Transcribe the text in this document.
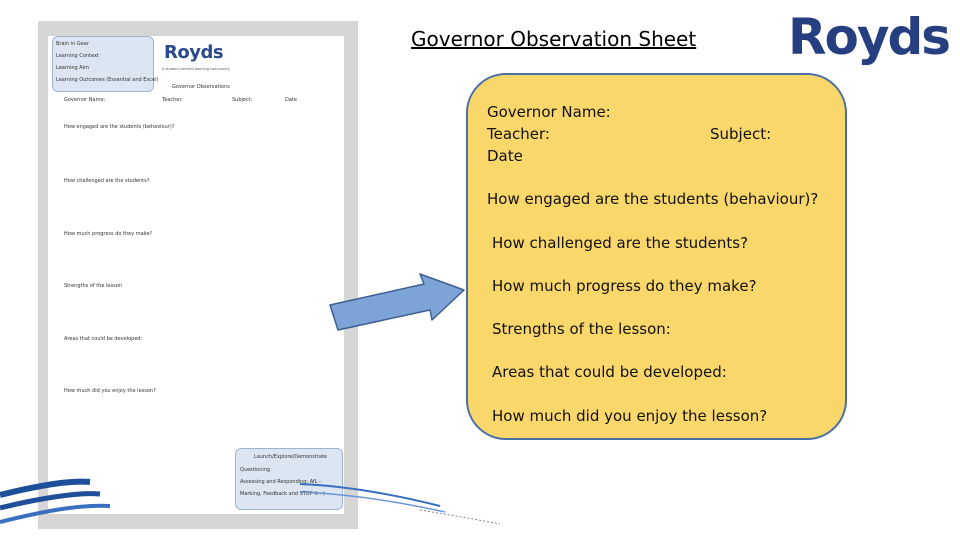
Brain in Gear
Learning Context
Learning Aim
Learning Outcomes (Essential and Excel)
Royds
A student-centred learning community
Governor Observations
Governor Name:	Teacher:	Subject:	Date
How engaged are the students (behaviour)?
How challenged are the students?
How much progress do they make?
Strengths of the lesson
Areas that could be developed:
How much did you enjoy the lesson?
Launch/Explore/Demonstrate
Questioning
Assessing and Responding: AfL -
Marking, Feedback and STOP it :-)
Governor Observation Sheet Royds
Governor Name:
Teacher:	Subject:
Date
How engaged are the students (behaviour)?
How challenged are the students?
How much progress do they make?
Strengths of the lesson:
Areas that could be developed:
How much did you enjoy the lesson?
